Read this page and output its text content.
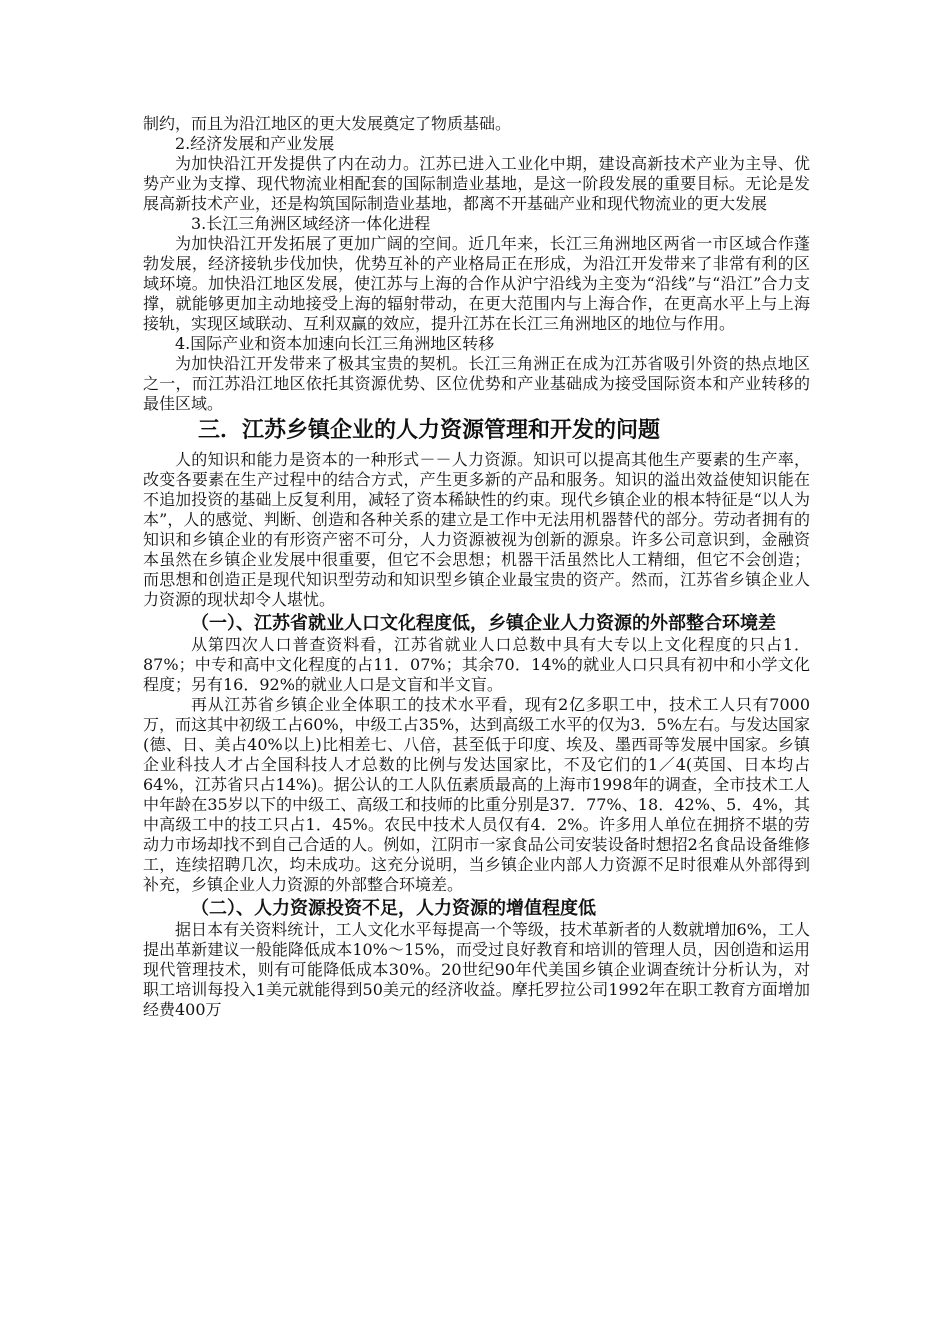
制约，而且为沿江地区的更大发展奠定了物质基础。

2.经济发展和产业发展

为加快沿江开发提供了内在动力。江苏已进入工业化中期，建设高新技术产业为主导、优势产业为支撑、现代物流业相配套的国际制造业基地，是这一阶段发展的重要目标。无论是发展高新技术产业，还是构筑国际制造业基地，都离不开基础产业和现代物流业的更大发展

3.长江三角洲区域经济一体化进程

为加快沿江开发拓展了更加广阔的空间。近几年来，长江三角洲地区两省一市区域合作蓬勃发展，经济接轨步伐加快，优势互补的产业格局正在形成，为沿江开发带来了非常有利的区域环境。加快沿江地区发展，使江苏与上海的合作从沪宁沿线为主变为“沿线”与“沿江”合力支撑，就能够更加主动地接受上海的辐射带动，在更大范围内与上海合作，在更高水平上与上海接轨，实现区域联动、互利双赢的效应，提升江苏在长江三角洲地区的地位与作用。

4.国际产业和资本加速向长江三角洲地区转移

为加快沿江开发带来了极其宝贵的契机。长江三角洲正在成为江苏省吸引外资的热点地区之一，而江苏沿江地区依托其资源优势、区位优势和产业基础成为接受国际资本和产业转移的最佳区域。

三．江苏乡镇企业的人力资源管理和开发的问题

人的知识和能力是资本的一种形式－－人力资源。知识可以提高其他生产要素的生产率，改变各要素在生产过程中的结合方式，产生更多新的产品和服务。知识的溢出效益使知识能在不追加投资的基础上反复利用，减轻了资本稀缺性的约束。现代乡镇企业的根本特征是“以人为本”，人的感觉、判断、创造和各种关系的建立是工作中无法用机器替代的部分。劳动者拥有的知识和乡镇企业的有形资产密不可分，人力资源被视为创新的源泉。许多公司意识到，金融资本虽然在乡镇企业发展中很重要，但它不会思想；机器干活虽然比人工精细，但它不会创造；而思想和创造正是现代知识型劳动和知识型乡镇企业最宝贵的资产。然而，江苏省乡镇企业人力资源的现状却令人堪忧。

（一）、江苏省就业人口文化程度低，乡镇企业人力资源的外部整合环境差

从第四次人口普查资料看，江苏省就业人口总数中具有大专以上文化程度的只占1．87%；中专和高中文化程度的占11．07%；其余70．14%的就业人口只具有初中和小学文化程度；另有16．92%的就业人口是文盲和半文盲。

再从江苏省乡镇企业全体职工的技术水平看，现有2亿多职工中，技术工人只有7000万，而这其中初级工占60%，中级工占35%，达到高级工水平的仅为3．5%左右。与发达国家(德、日、美占40%以上)比相差七、八倍，甚至低于印度、埃及、墨西哥等发展中国家。乡镇企业科技人才占全国科技人才总数的比例与发达国家比，不及它们的1／4(英国、日本均占64%，江苏省只占14%)。据公认的工人队伍素质最高的上海市1998年的调查，全市技术工人中年龄在35岁以下的中级工、高级工和技师的比重分别是37．77%、18．42%、5．4%，其中高级工中的技工只占1．45%。农民中技术人员仅有4．2%。许多用人单位在拥挤不堪的劳动力市场却找不到自己合适的人。例如，江阴市一家食品公司安装设备时想招2名食品设备维修工，连续招聘几次，均未成功。这充分说明，当乡镇企业内部人力资源不足时很难从外部得到补充，乡镇企业人力资源的外部整合环境差。

（二）、人力资源投资不足，人力资源的增值程度低

据日本有关资料统计，工人文化水平每提高一个等级，技术革新者的人数就增加6%，工人提出革新建议一般能降低成本10%～15%，而受过良好教育和培训的管理人员，因创造和运用现代管理技术，则有可能降低成本30%。20世纪90年代美国乡镇企业调查统计分析认为，对职工培训每投入1美元就能得到50美元的经济收益。摩托罗拉公司1992年在职工教育方面增加经费400万
